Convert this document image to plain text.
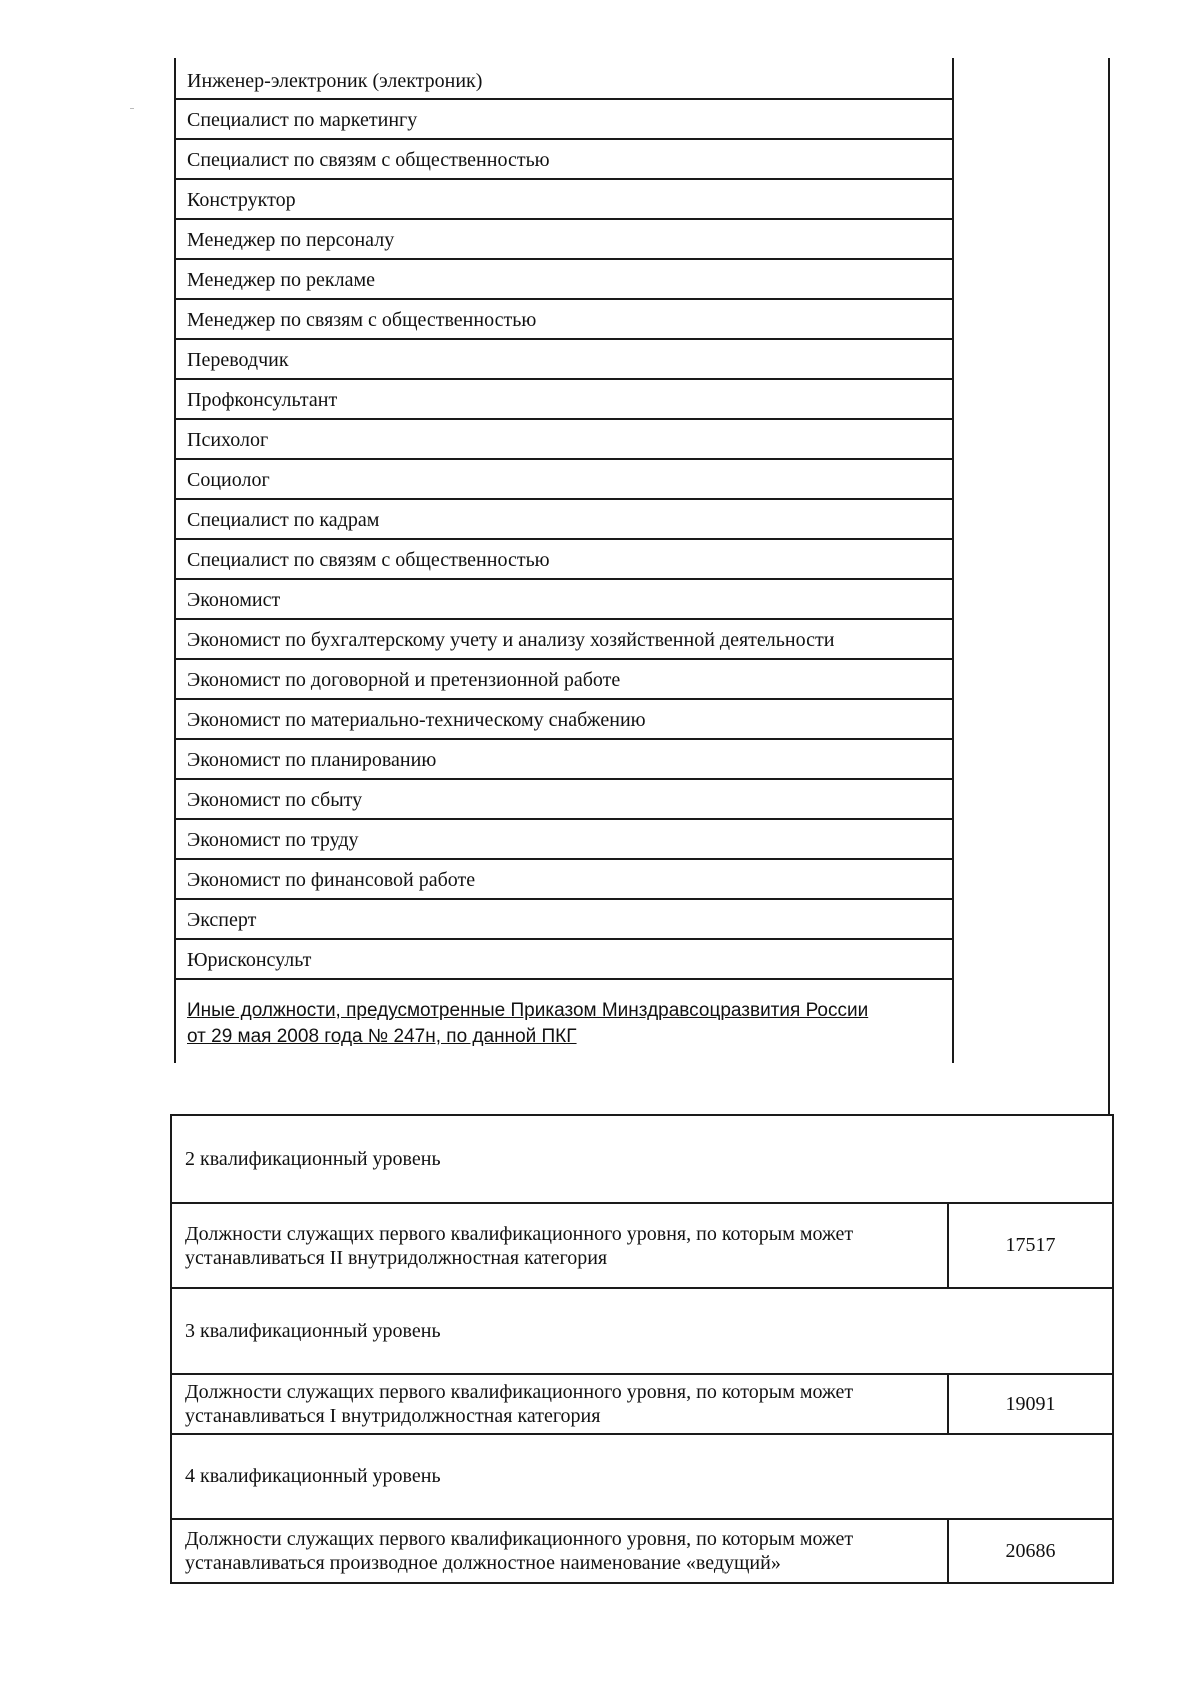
Инженер-электроник (электроник)
Специалист по маркетингу
Специалист по связям с общественностью
Конструктор
Менеджер по персоналу
Менеджер по рекламе
Менеджер по связям с общественностью
Переводчик
Профконсультант
Психолог
Социолог
Специалист по кадрам
Специалист по связям с общественностью
Экономист
Экономист по бухгалтерскому учету и анализу хозяйственной деятельности
Экономист по договорной и претензионной работе
Экономист по материально-техническому снабжению
Экономист по планированию
Экономист по сбыту
Экономист по труду
Экономист по финансовой работе
Эксперт
Юрисконсульт
Иные должности, предусмотренные Приказом Минздравсоцразвития России
от 29 мая 2008 года № 247н, по данной ПКГ
2 квалификационный уровень
Должности служащих первого квалификационного уровня, по которым может
устанавливаться II внутридолжностная категория
17517
3 квалификационный уровень
Должности служащих первого квалификационного уровня, по которым может
устанавливаться I внутридолжностная категория
19091
4 квалификационный уровень
Должности служащих первого квалификационного уровня, по которым может
устанавливаться производное должностное наименование «ведущий»
20686
